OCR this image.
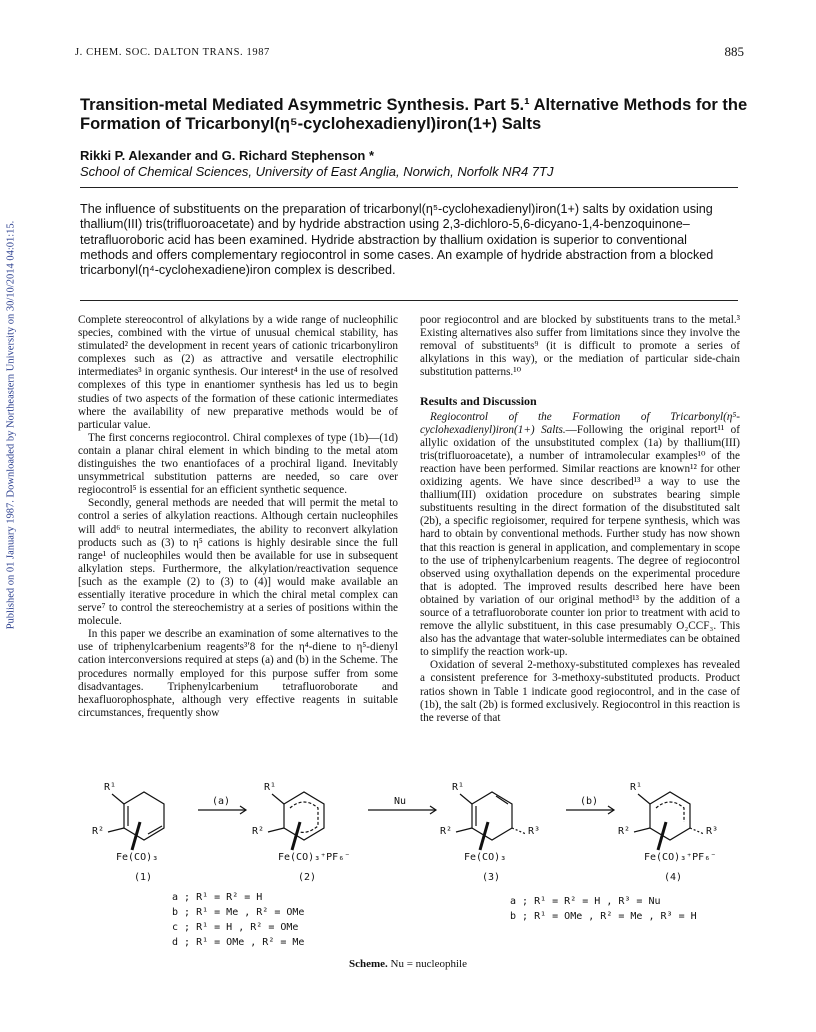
J. CHEM. SOC. DALTON TRANS. 1987	885
Published on 01 January 1987. Downloaded by Northeastern University on 30/10/2014 04:01:15.
Transition-metal Mediated Asymmetric Synthesis. Part 5.¹ Alternative Methods for the Formation of Tricarbonyl(η⁵-cyclohexadienyl)iron(1+) Salts
Rikki P. Alexander and G. Richard Stephenson *
School of Chemical Sciences, University of East Anglia, Norwich, Norfolk NR4 7TJ
The influence of substituents on the preparation of tricarbonyl(η⁵-cyclohexadienyl)iron(1+) salts by oxidation using thallium(III) tris(trifluoroacetate) and by hydride abstraction using 2,3-dichloro-5,6-dicyano-1,4-benzoquinone–tetrafluoroboric acid has been examined. Hydride abstraction by thallium oxidation is superior to conventional methods and offers complementary regiocontrol in some cases. An example of hydride abstraction from a blocked tricarbonyl(η⁴-cyclohexadiene)iron complex is described.

Complete stereocontrol of alkylations by a wide range of nucleophilic species, combined with the virtue of unusual chemical stability, has stimulated² the development in recent years of cationic tricarbonyliron complexes such as (2) as attractive and versatile electrophilic intermediates³ in organic synthesis. Our interest⁴ in the use of resolved complexes of this type in enantiomer synthesis has led us to begin studies of two aspects of the formation of these cationic intermediates where the availability of new preparative methods would be of particular value.

The first concerns regiocontrol. Chiral complexes of type (1b)—(1d) contain a planar chiral element in which binding to the metal atom distinguishes the two enantiofaces of a prochiral ligand. Inevitably unsymmetrical substitution patterns are needed, so care over regiocontrol⁵ is essential for an efficient synthetic sequence.

Secondly, general methods are needed that will permit the metal to control a series of alkylation reactions. Although certain nucleophiles will add⁶ to neutral intermediates, the ability to reconvert alkylation products such as (3) to η⁵ cations is highly desirable since the full range¹ of nucleophiles would then be available for use in subsequent alkylation steps. Furthermore, the alkylation/reactivation sequence [such as the example (2) to (3) to (4)] would make available an essentially iterative procedure in which the chiral metal complex can serve⁷ to control the stereochemistry at a series of positions within the molecule.

In this paper we describe an examination of some alternatives to the use of triphenylcarbenium reagents³ʹ8 for the η⁴-diene to η⁵-dienyl cation interconversions required at steps (a) and (b) in the Scheme. The procedures normally employed for this purpose suffer from some disadvantages. Triphenylcarbenium tetrafluoroborate and hexafluorophosphate, although very effective reagents in suitable circumstances, frequently show

poor regiocontrol and are blocked by substituents trans to the metal.³ Existing alternatives also suffer from limitations since they involve the removal of substituents⁹ (it is difficult to promote a series of alkylations in this way), or the mediation of particular side-chain substitution patterns.¹⁰

Results and Discussion

Regiocontrol of the Formation of Tricarbonyl(η⁵-cyclohexadienyl)iron(1+) Salts.—Following the original report¹¹ of allylic oxidation of the unsubstituted complex (1a) by thallium(III) tris(trifluoroacetate), a number of intramolecular examples¹⁰ of the reaction have been performed. Similar reactions are known¹² for other oxidizing agents. We have since described¹³ a way to use the thallium(III) oxidation procedure on substrates bearing simple substituents resulting in the direct formation of the disubstituted salt (2b), a specific regioisomer, required for terpene synthesis, which was hard to obtain by conventional methods. Further study has now shown that this reaction is general in application, and complementary in scope to the use of triphenylcarbenium reagents. The degree of regiocontrol observed using oxythallation depends on the experimental procedure that is adopted. The improved results described here have been obtained by variation of our original method¹³ by the addition of a source of a tetrafluoroborate counter ion prior to treatment with acid to remove the allylic substituent, in this case presumably O₂CCF₃. This also has the advantage that water-soluble intermediates can be obtained to simplify the reaction work-up.

Oxidation of several 2-methoxy-substituted complexes has revealed a consistent preference for 3-methoxy-substituted products. Product ratios shown in Table 1 indicate good regiocontrol, and in the case of (1b), the salt (2b) is formed exclusively. Regiocontrol in this reaction is the reverse of that

R¹
R²
Fe(CO)₃
(1)
(a)
R¹
R²
Fe(CO)₃⁺PF₆⁻
(2)
Nu
R¹
R²	R³
Fe(CO)₃
(3)
(b)
R¹
R²	R³
Fe(CO)₃⁺PF₆⁻
(4)
a ; R¹ = R² = H
b ; R¹ = Me , R² = OMe
c ; R¹ = H , R² = OMe
d ; R¹ = OMe , R² = Me
a ; R¹ = R² = H , R³ = Nu
b ; R¹ = OMe , R² = Me , R³ = H
Scheme. Nu = nucleophile
